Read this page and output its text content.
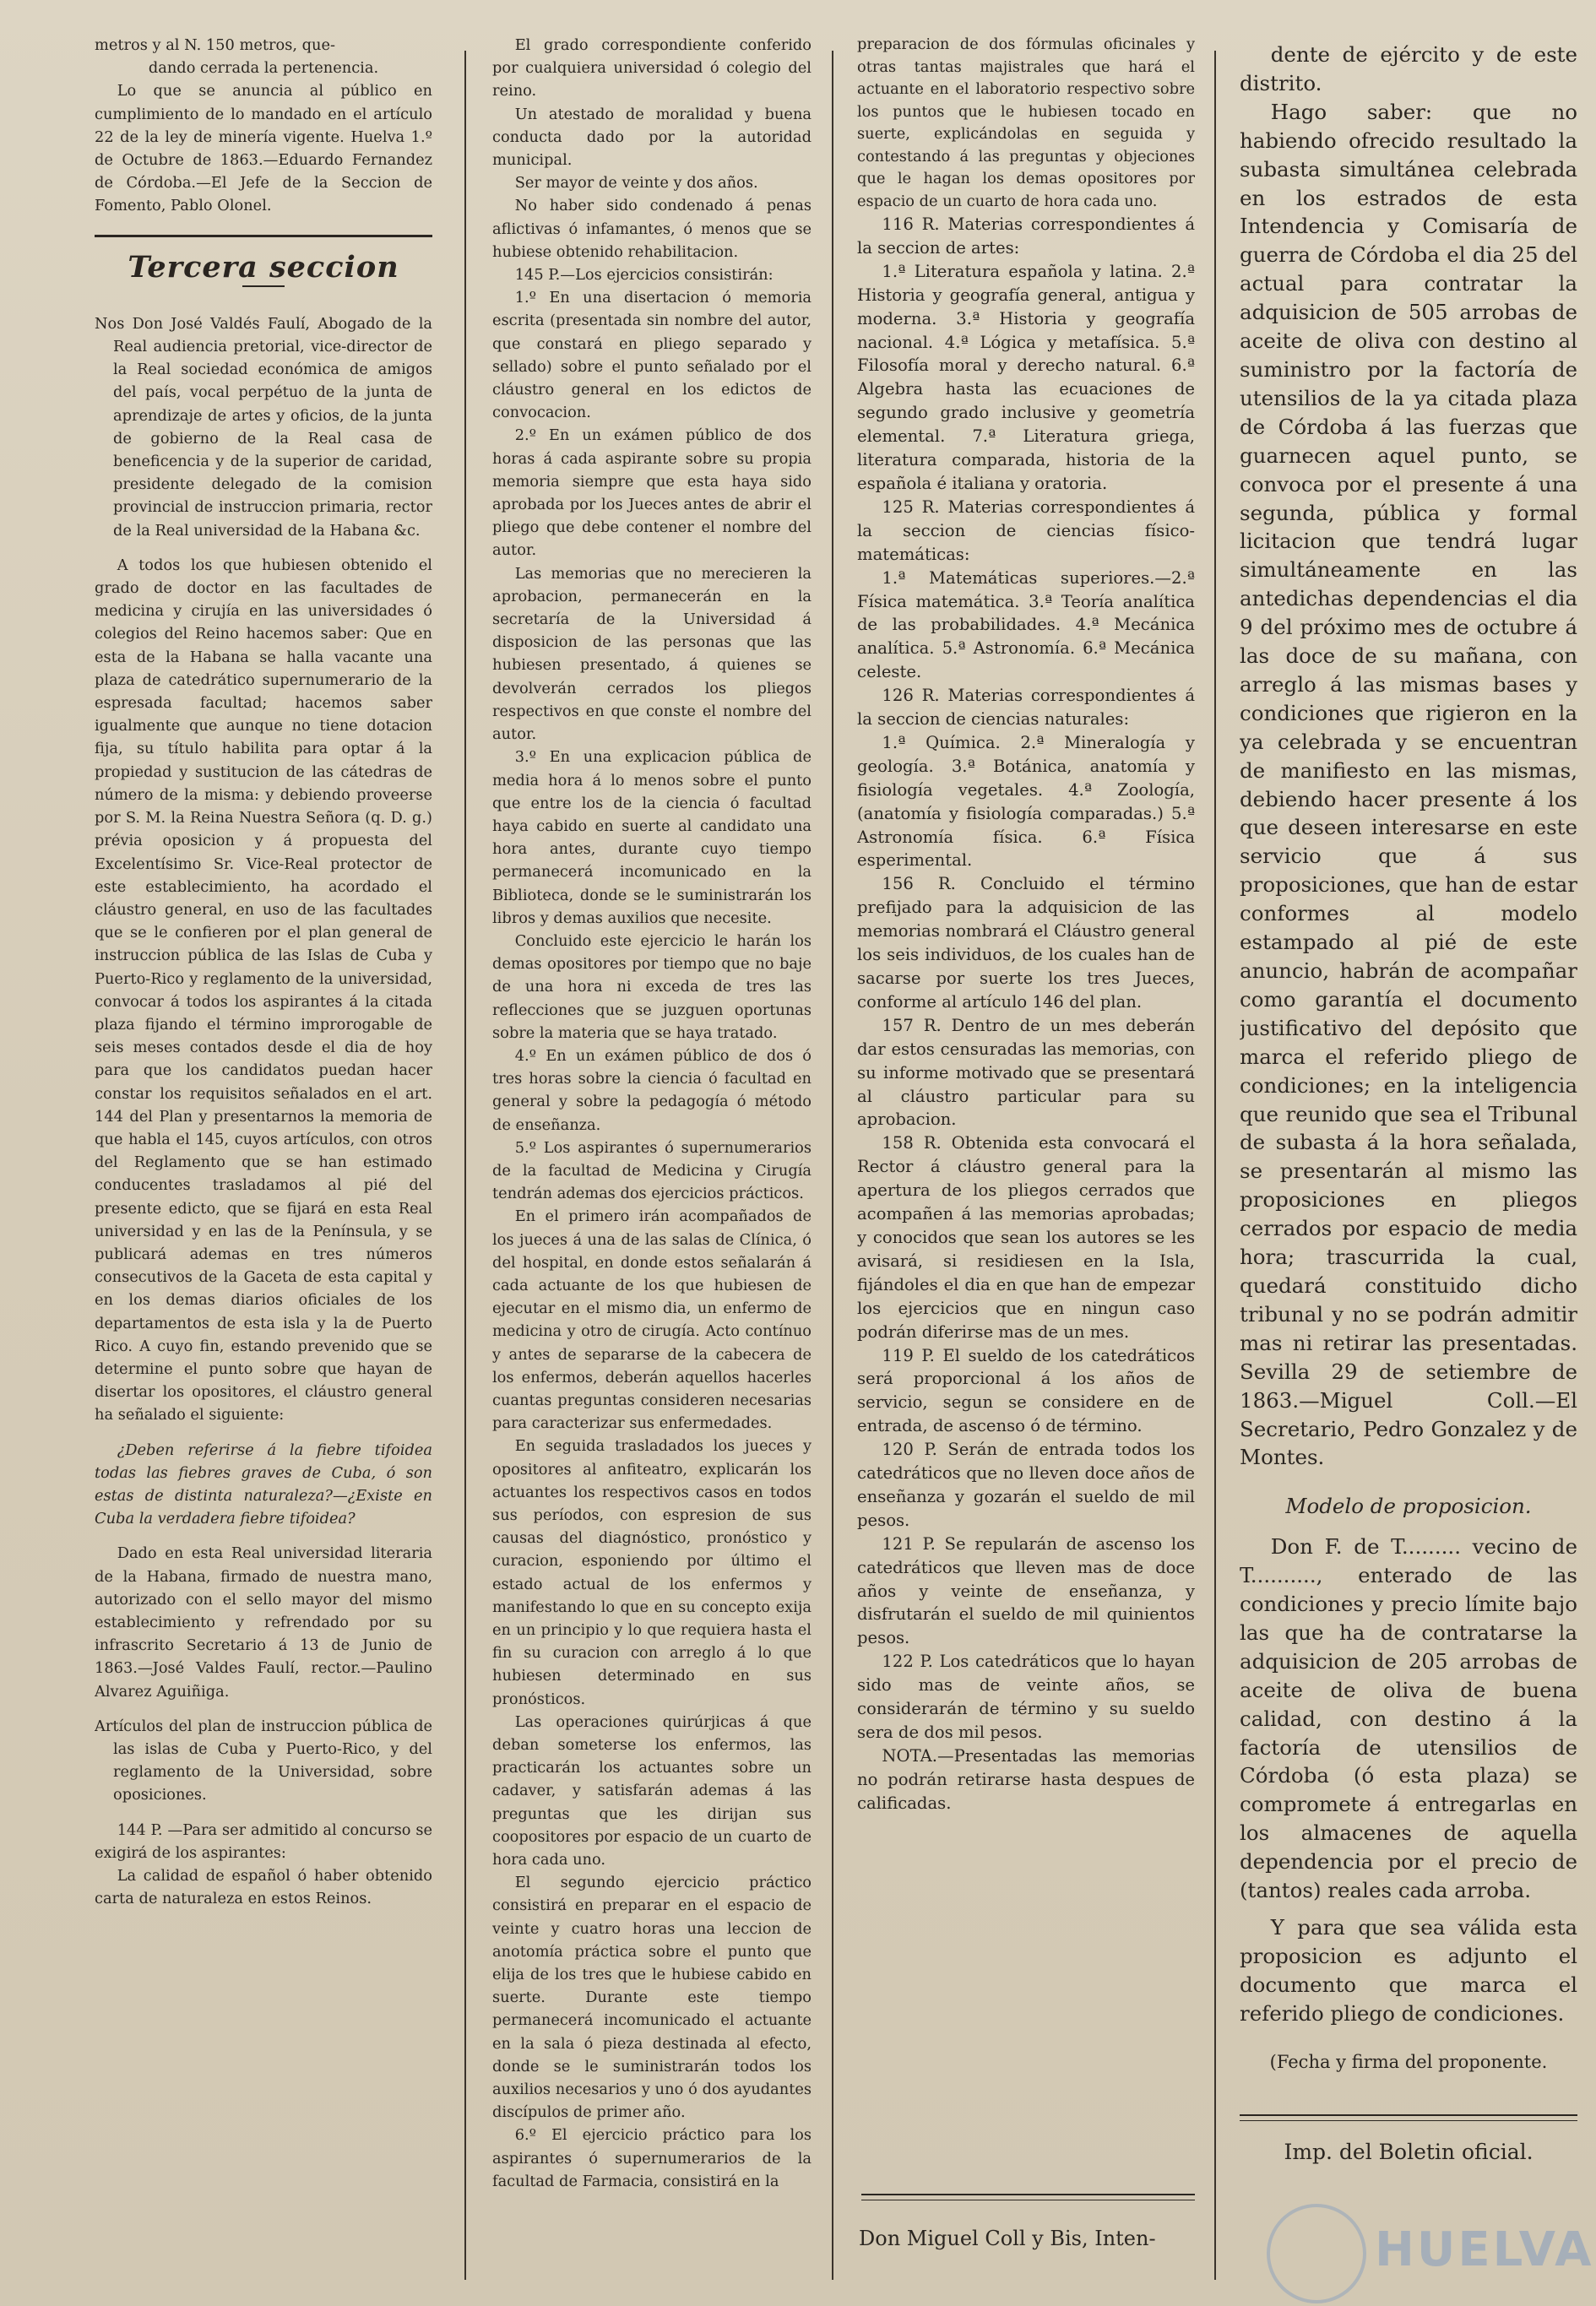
metros y al N. 150 metros, que-

dando cerrada la pertenencia.

Lo que se anuncia al público en cumplimiento de lo mandado en el artículo 22 de la ley de minería vigente. Huelva 1.º de Octubre de 1863.—Eduardo Fernandez de Córdoba.—El Jefe de la Seccion de Fomento, Pablo Olonel.

Tercera seccion

Nos Don José Valdés Faulí, Abogado de la Real audiencia pretorial, vice-director de la Real sociedad económica de amigos del país, vocal perpétuo de la junta de aprendizaje de artes y oficios, de la junta de gobierno de la Real casa de beneficencia y de la superior de caridad, presidente delegado de la comision provincial de instruccion primaria, rector de la Real universidad de la Habana &c.

A todos los que hubiesen obtenido el grado de doctor en las facultades de medicina y cirujía en las universidades ó colegios del Reino hacemos saber: Que en esta de la Habana se halla vacante una plaza de catedrático supernumerario de la espresada facultad; hacemos saber igualmente que aunque no tiene dotacion fija, su título habilita para optar á la propiedad y sustitucion de las cátedras de número de la misma: y debiendo proveerse por S. M. la Reina Nuestra Señora (q. D. g.) prévia oposicion y á propuesta del Excelentísimo Sr. Vice-Real protector de este establecimiento, ha acordado el cláustro general, en uso de las facultades que se le confieren por el plan general de instruccion pública de las Islas de Cuba y Puerto-Rico y reglamento de la universidad, convocar á todos los aspirantes á la citada plaza fijando el término improrogable de seis meses contados desde el dia de hoy para que los candidatos puedan hacer constar los requisitos señalados en el art. 144 del Plan y presentarnos la memoria de que habla el 145, cuyos artículos, con otros del Reglamento que se han estimado conducentes trasladamos al pié del presente edicto, que se fijará en esta Real universidad y en las de la Península, y se publicará ademas en tres números consecutivos de la Gaceta de esta capital y en los demas diarios oficiales de los departamentos de esta isla y la de Puerto Rico. A cuyo fin, estando prevenido que se determine el punto sobre que hayan de disertar los opositores, el cláustro general ha señalado el siguiente:

¿Deben referirse á la fiebre tifoidea todas las fiebres graves de Cuba, ó son estas de distinta naturaleza?—¿Existe en Cuba la verdadera fiebre tifoidea?

Dado en esta Real universidad literaria de la Habana, firmado de nuestra mano, autorizado con el sello mayor del mismo establecimiento y refrendado por su infrascrito Secretario á 13 de Junio de 1863.—José Valdes Faulí, rector.—Paulino Alvarez Aguiñiga.

Artículos del plan de instruccion pública de las islas de Cuba y Puerto-Rico, y del reglamento de la Universidad, sobre oposiciones.

144 P. —Para ser admitido al concurso se exigirá de los aspirantes:

La calidad de español ó haber obtenido carta de naturaleza en estos Reinos.

El grado correspondiente conferido por cualquiera universidad ó colegio del reino.

Un atestado de moralidad y buena conducta dado por la autoridad municipal.

Ser mayor de veinte y dos años.

No haber sido condenado á penas aflictivas ó infamantes, ó menos que se hubiese obtenido rehabilitacion.

145 P.—Los ejercicios consistirán:

1.º En una disertacion ó memoria escrita (presentada sin nombre del autor, que constará en pliego separado y sellado) sobre el punto señalado por el cláustro general en los edictos de convocacion.

2.º En un exámen público de dos horas á cada aspirante sobre su propia memoria siempre que esta haya sido aprobada por los Jueces antes de abrir el pliego que debe contener el nombre del autor.

Las memorias que no merecieren la aprobacion, permanecerán en la secretaría de la Universidad á disposicion de las personas que las hubiesen presentado, á quienes se devolverán cerrados los pliegos respectivos en que conste el nombre del autor.

3.º En una explicacion pública de media hora á lo menos sobre el punto que entre los de la ciencia ó facultad haya cabido en suerte al candidato una hora antes, durante cuyo tiempo permanecerá incomunicado en la Biblioteca, donde se le suministrarán los libros y demas auxilios que necesite.

Concluido este ejercicio le harán los demas opositores por tiempo que no baje de una hora ni exceda de tres las reflecciones que se juzguen oportunas sobre la materia que se haya tratado.

4.º En un exámen público de dos ó tres horas sobre la ciencia ó facultad en general y sobre la pedagogía ó método de enseñanza.

5.º Los aspirantes ó supernumerarios de la facultad de Medicina y Cirugía tendrán ademas dos ejercicios prácticos.

En el primero irán acompañados de los jueces á una de las salas de Clínica, ó del hospital, en donde estos señalarán á cada actuante de los que hubiesen de ejecutar en el mismo dia, un enfermo de medicina y otro de cirugía. Acto contínuo y antes de separarse de la cabecera de los enfermos, deberán aquellos hacerles cuantas preguntas consideren necesarias para caracterizar sus enfermedades.

En seguida trasladados los jueces y opositores al anfiteatro, explicarán los actuantes los respectivos casos en todos sus períodos, con espresion de sus causas del diagnóstico, pronóstico y curacion, esponiendo por último el estado actual de los enfermos y manifestando lo que en su concepto exija en un principio y lo que requiera hasta el fin su curacion con arreglo á lo que hubiesen determinado en sus pronósticos.

Las operaciones quirúrjicas á que deban someterse los enfermos, las practicarán los actuantes sobre un cadaver, y satisfarán ademas á las preguntas que les dirijan sus coopositores por espacio de un cuarto de hora cada uno.

El segundo ejercicio práctico consistirá en preparar en el espacio de veinte y cuatro horas una leccion de anotomía práctica sobre el punto que elija de los tres que le hubiese cabido en suerte. Durante este tiempo permanecerá incomunicado el actuante en la sala ó pieza destinada al efecto, donde se le suministrarán todos los auxilios necesarios y uno ó dos ayudantes discípulos de primer año.

6.º El ejercicio práctico para los aspirantes ó supernumerarios de la facultad de Farmacia, consistirá en la

preparacion de dos fórmulas oficinales y otras tantas majistrales que hará el actuante en el laboratorio respectivo sobre los puntos que le hubiesen tocado en suerte, explicándolas en seguida y contestando á las preguntas y objeciones que le hagan los demas opositores por espacio de un cuarto de hora cada uno.

116 R. Materias correspondientes á la seccion de artes:

1.ª Literatura española y latina. 2.ª Historia y geografía general, antigua y moderna. 3.ª Historia y geografía nacional. 4.ª Lógica y metafísica. 5.ª Filosofía moral y derecho natural. 6.ª Algebra hasta las ecuaciones de segundo grado inclusive y geometría elemental. 7.ª Literatura griega, literatura comparada, historia de la española é italiana y oratoria.

125 R. Materias correspondientes á la seccion de ciencias físico-matemáticas:

1.ª Matemáticas superiores.—2.ª Física matemática. 3.ª Teoría analítica de las probabilidades. 4.ª Mecánica analítica. 5.ª Astronomía. 6.ª Mecánica celeste.

126 R. Materias correspondientes á la seccion de ciencias naturales:

1.ª Química. 2.ª Mineralogía y geología. 3.ª Botánica, anatomía y fisiología vegetales. 4.ª Zoología, (anatomía y fisiología comparadas.) 5.ª Astronomía física. 6.ª Física esperimental.

156 R. Concluido el término prefijado para la adquisicion de las memorias nombrará el Cláustro general los seis individuos, de los cuales han de sacarse por suerte los tres Jueces, conforme al artículo 146 del plan.

157 R. Dentro de un mes deberán dar estos censuradas las memorias, con su informe motivado que se presentará al cláustro particular para su aprobacion.

158 R. Obtenida esta convocará el Rector á cláustro general para la apertura de los pliegos cerrados que acompañen á las memorias aprobadas; y conocidos que sean los autores se les avisará, si residiesen en la Isla, fijándoles el dia en que han de empezar los ejercicios que en ningun caso podrán diferirse mas de un mes.

119 P. El sueldo de los catedráticos será proporcional á los años de servicio, segun se considere en de entrada, de ascenso ó de término.

120 P. Serán de entrada todos los catedráticos que no lleven doce años de enseñanza y gozarán el sueldo de mil pesos.

121 P. Se repularán de ascenso los catedráticos que lleven mas de doce años y veinte de enseñanza, y disfrutarán el sueldo de mil quinientos pesos.

122 P. Los catedráticos que lo hayan sido mas de veinte años, se considerarán de término y su sueldo sera de dos mil pesos.

NOTA.—Presentadas las memorias no podrán retirarse hasta despues de calificadas.

Don Miguel Coll y Bis, Inten-

dente de ejército y de este distrito.

Hago saber: que no habiendo ofrecido resultado la subasta simultánea celebrada en los estrados de esta Intendencia y Comisaría de guerra de Córdoba el dia 25 del actual para contratar la adquisicion de 505 arrobas de aceite de oliva con destino al suministro por la factoría de utensilios de la ya citada plaza de Córdoba á las fuerzas que guarnecen aquel punto, se convoca por el presente á una segunda, pública y formal licitacion que tendrá lugar simultáneamente en las antedichas dependencias el dia 9 del próximo mes de octubre á las doce de su mañana, con arreglo á las mismas bases y condiciones que rigieron en la ya celebrada y se encuentran de manifiesto en las mismas, debiendo hacer presente á los que deseen interesarse en este servicio que á sus proposiciones, que han de estar conformes al modelo estampado al pié de este anuncio, habrán de acompañar como garantía el documento justificativo del depósito que marca el referido pliego de condiciones; en la inteligencia que reunido que sea el Tribunal de subasta á la hora señalada, se presentarán al mismo las proposiciones en pliegos cerrados por espacio de media hora; trascurrida la cual, quedará constituido dicho tribunal y no se podrán admitir mas ni retirar las presentadas. Sevilla 29 de setiembre de 1863.—Miguel Coll.—El Secretario, Pedro Gonzalez y de Montes.

Modelo de proposicion.

Don F. de T......... vecino de T.........., enterado de las condiciones y precio límite bajo las que ha de contratarse la adquisicion de 205 arrobas de aceite de oliva de buena calidad, con destino á la factoría de utensilios de Córdoba (ó esta plaza) se compromete á entregarlas en los almacenes de aquella dependencia por el precio de (tantos) reales cada arroba.

Y para que sea válida esta proposicion es adjunto el documento que marca el referido pliego de condiciones.

(Fecha y firma del proponente.

Imp. del Boletin oficial.

HUELVA
